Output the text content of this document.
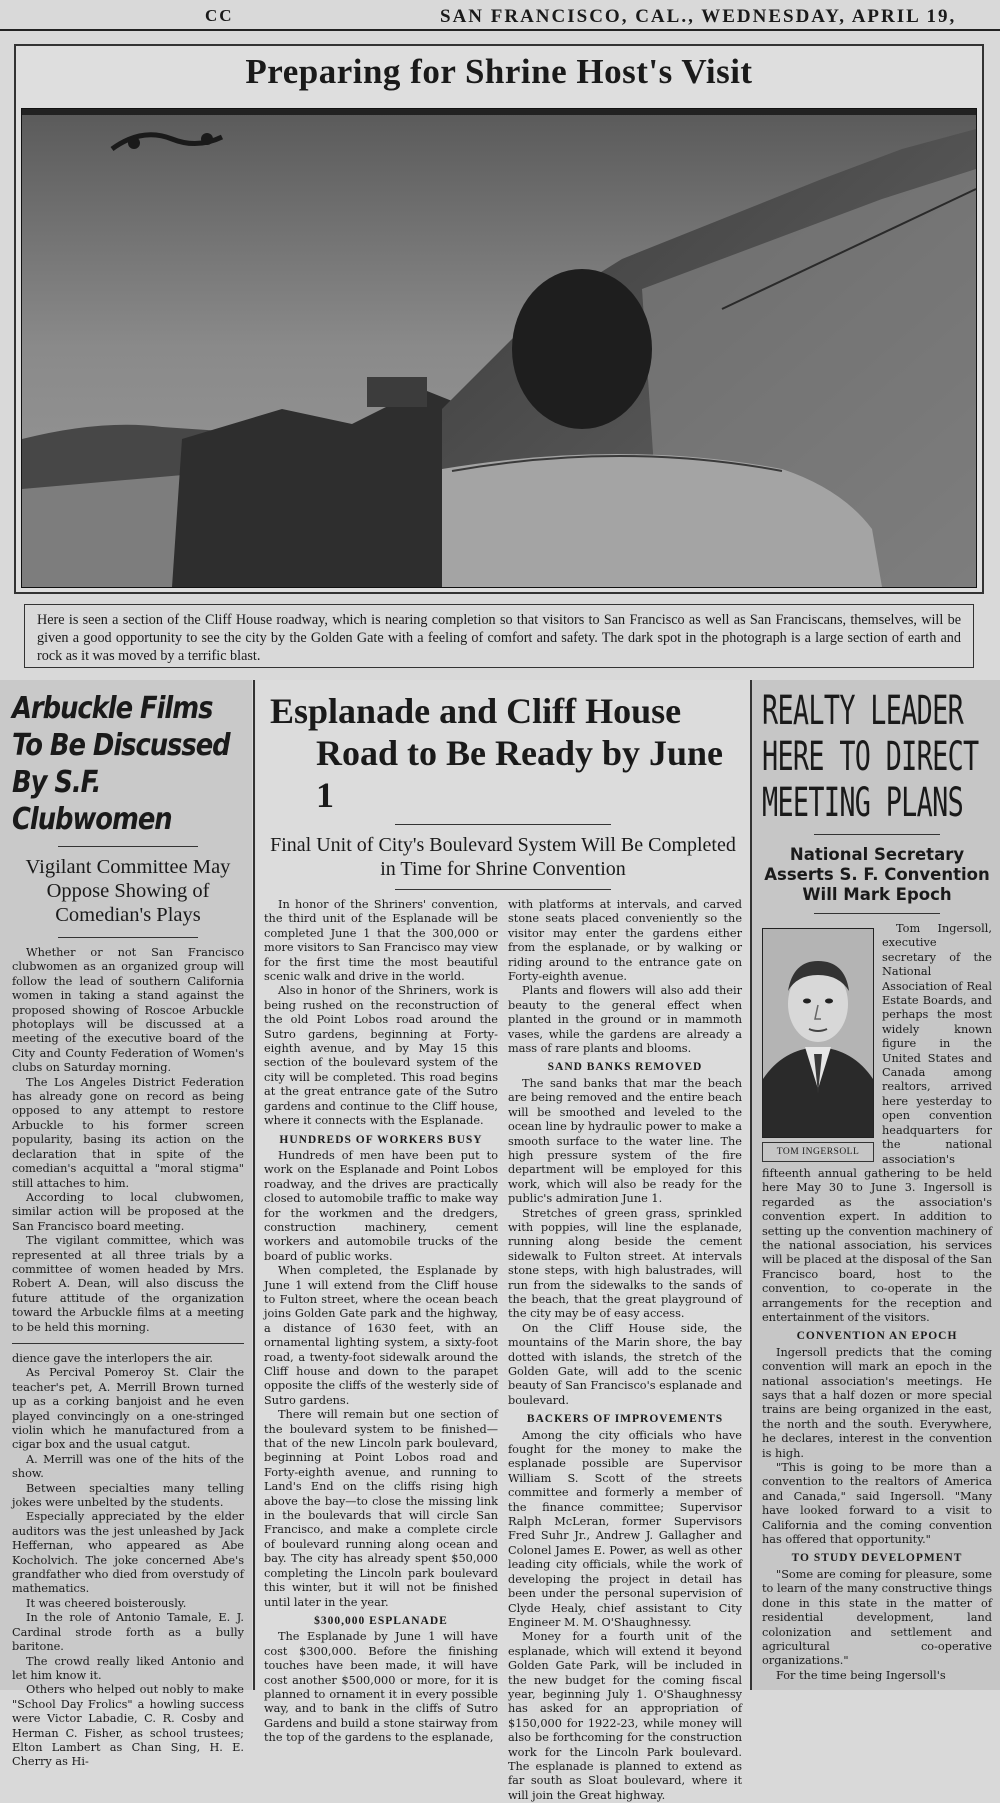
CC	SAN FRANCISCO, CAL., WEDNESDAY, APRIL 19,
Preparing for Shrine Host's Visit
Here is seen a section of the Cliff House roadway, which is nearing completion so that visitors to San Francisco as well as San Franciscans, themselves, will be given a good opportunity to see the city by the Golden Gate with a feeling of comfort and safety. The dark spot in the photograph is a large section of earth and rock as it was moved by a terrific blast.
Arbuckle Films
To Be Discussed
By S.F. Clubwomen
Vigilant Committee May Oppose Showing of Comedian's Plays

Whether or not San Francisco clubwomen as an organized group will follow the lead of southern California women in taking a stand against the proposed showing of Roscoe Arbuckle photoplays will be discussed at a meeting of the executive board of the City and County Federation of Women's clubs on Saturday morning.

The Los Angeles District Federation has already gone on record as being opposed to any attempt to restore Arbuckle to his former screen popularity, basing its action on the declaration that in spite of the comedian's acquittal a "moral stigma" still attaches to him.

According to local clubwomen, similar action will be proposed at the San Francisco board meeting.

The vigilant committee, which was represented at all three trials by a committee of women headed by Mrs. Robert A. Dean, will also discuss the future attitude of the organization toward the Arbuckle films at a meeting to be held this morning.

dience gave the interlopers the air.

As Percival Pomeroy St. Clair the teacher's pet, A. Merrill Brown turned up as a corking banjoist and he even played convincingly on a one-stringed violin which he manufactured from a cigar box and the usual catgut.

A. Merrill was one of the hits of the show.

Between specialties many telling jokes were unbelted by the students.

Especially appreciated by the elder auditors was the jest unleashed by Jack Heffernan, who appeared as Abe Kocholvich. The joke concerned Abe's grandfather who died from overstudy of mathematics.

It was cheered boisterously.

In the role of Antonio Tamale, E. J. Cardinal strode forth as a bully baritone.

The crowd really liked Antonio and let him know it.

Others who helped out nobly to make "School Day Frolics" a howling success were Victor Labadie, C. R. Cosby and Herman C. Fisher, as school trustees; Elton Lambert as Chan Sing, H. E. Cherry as Hi-

Esplanade and Cliff House
Road to Be Ready by June 1
Final Unit of City's Boulevard System Will Be Completed in Time for Shrine Convention

In honor of the Shriners' convention, the third unit of the Esplanade will be completed June 1 that the 300,000 or more visitors to San Francisco may view for the first time the most beautiful scenic walk and drive in the world.

Also in honor of the Shriners, work is being rushed on the reconstruction of the old Point Lobos road around the Sutro gardens, beginning at Forty-eighth avenue, and by May 15 this section of the boulevard system of the city will be completed. This road begins at the great entrance gate of the Sutro gardens and continue to the Cliff house, where it connects with the Esplanade.

HUNDREDS OF WORKERS BUSY

Hundreds of men have been put to work on the Esplanade and Point Lobos roadway, and the drives are practically closed to automobile traffic to make way for the workmen and the dredgers, construction machinery, cement workers and automobile trucks of the board of public works.

When completed, the Esplanade by June 1 will extend from the Cliff house to Fulton street, where the ocean beach joins Golden Gate park and the highway, a distance of 1630 feet, with an ornamental lighting system, a sixty-foot road, a twenty-foot sidewalk around the Cliff house and down to the parapet opposite the cliffs of the westerly side of Sutro gardens.

There will remain but one section of the boulevard system to be finished—that of the new Lincoln park boulevard, beginning at Point Lobos road and Forty-eighth avenue, and running to Land's End on the cliffs rising high above the bay—to close the missing link in the boulevards that will circle San Francisco, and make a complete circle of boulevard running along ocean and bay. The city has already spent $50,000 completing the Lincoln park boulevard this winter, but it will not be finished until later in the year.

$300,000 ESPLANADE

The Esplanade by June 1 will have cost $300,000. Before the finishing touches have been made, it will have cost another $500,000 or more, for it is planned to ornament it in every possible way, and to bank in the cliffs of Sutro Gardens and build a stone stairway from the top of the gardens to the esplanade,

with platforms at intervals, and carved stone seats placed conveniently so the visitor may enter the gardens either from the esplanade, or by walking or riding around to the entrance gate on Forty-eighth avenue.

Plants and flowers will also add their beauty to the general effect when planted in the ground or in mammoth vases, while the gardens are already a mass of rare plants and blooms.

SAND BANKS REMOVED

The sand banks that mar the beach are being removed and the entire beach will be smoothed and leveled to the ocean line by hydraulic power to make a smooth surface to the water line. The high pressure system of the fire department will be employed for this work, which will also be ready for the public's admiration June 1.

Stretches of green grass, sprinkled with poppies, will line the esplanade, running along beside the cement sidewalk to Fulton street. At intervals stone steps, with high balustrades, will run from the sidewalks to the sands of the beach, that the great playground of the city may be of easy access.

On the Cliff House side, the mountains of the Marin shore, the bay dotted with islands, the stretch of the Golden Gate, will add to the scenic beauty of San Francisco's esplanade and boulevard.

BACKERS OF IMPROVEMENTS

Among the city officials who have fought for the money to make the esplanade possible are Supervisor William S. Scott of the streets committee and formerly a member of the finance committee; Supervisor Ralph McLeran, former Supervisors Fred Suhr Jr., Andrew J. Gallagher and Colonel James E. Power, as well as other leading city officials, while the work of developing the project in detail has been under the personal supervision of Clyde Healy, chief assistant to City Engineer M. M. O'Shaughnessy.

Money for a fourth unit of the esplanade, which will extend it beyond Golden Gate Park, will be included in the new budget for the coming fiscal year, beginning July 1. O'Shaughnessy has asked for an appropriation of $150,000 for 1922-23, while money will also be forthcoming for the construction work for the Lincoln Park boulevard. The esplanade is planned to extend as far south as Sloat boulevard, where it will join the Great highway.

REALTY LEADER
HERE TO DIRECT
MEETING PLANS
National Secretary Asserts S. F. Convention Will Mark Epoch
TOM INGERSOLL

Tom Ingersoll, executive secretary of the National Association of Real Estate Boards, and perhaps the most widely known figure in the United States and Canada among realtors, arrived here yesterday to open convention headquarters for the national association's fifteenth annual gathering to be held here May 30 to June 3. Ingersoll is regarded as the association's convention expert. In addition to setting up the convention machinery of the national association, his services will be placed at the disposal of the San Francisco board, host to the convention, to co-operate in the arrangements for the reception and entertainment of the visitors.

CONVENTION AN EPOCH

Ingersoll predicts that the coming convention will mark an epoch in the national association's meetings. He says that a half dozen or more special trains are being organized in the east, the north and the south. Everywhere, he declares, interest in the convention is high.

"This is going to be more than a convention to the realtors of America and Canada," said Ingersoll. "Many have looked forward to a visit to California and the coming convention has offered that opportunity."

TO STUDY DEVELOPMENT

"Some are coming for pleasure, some to learn of the many constructive things done in this state in the matter of residential development, land colonization and settlement and agricultural co-operative organizations."

For the time being Ingersoll's
